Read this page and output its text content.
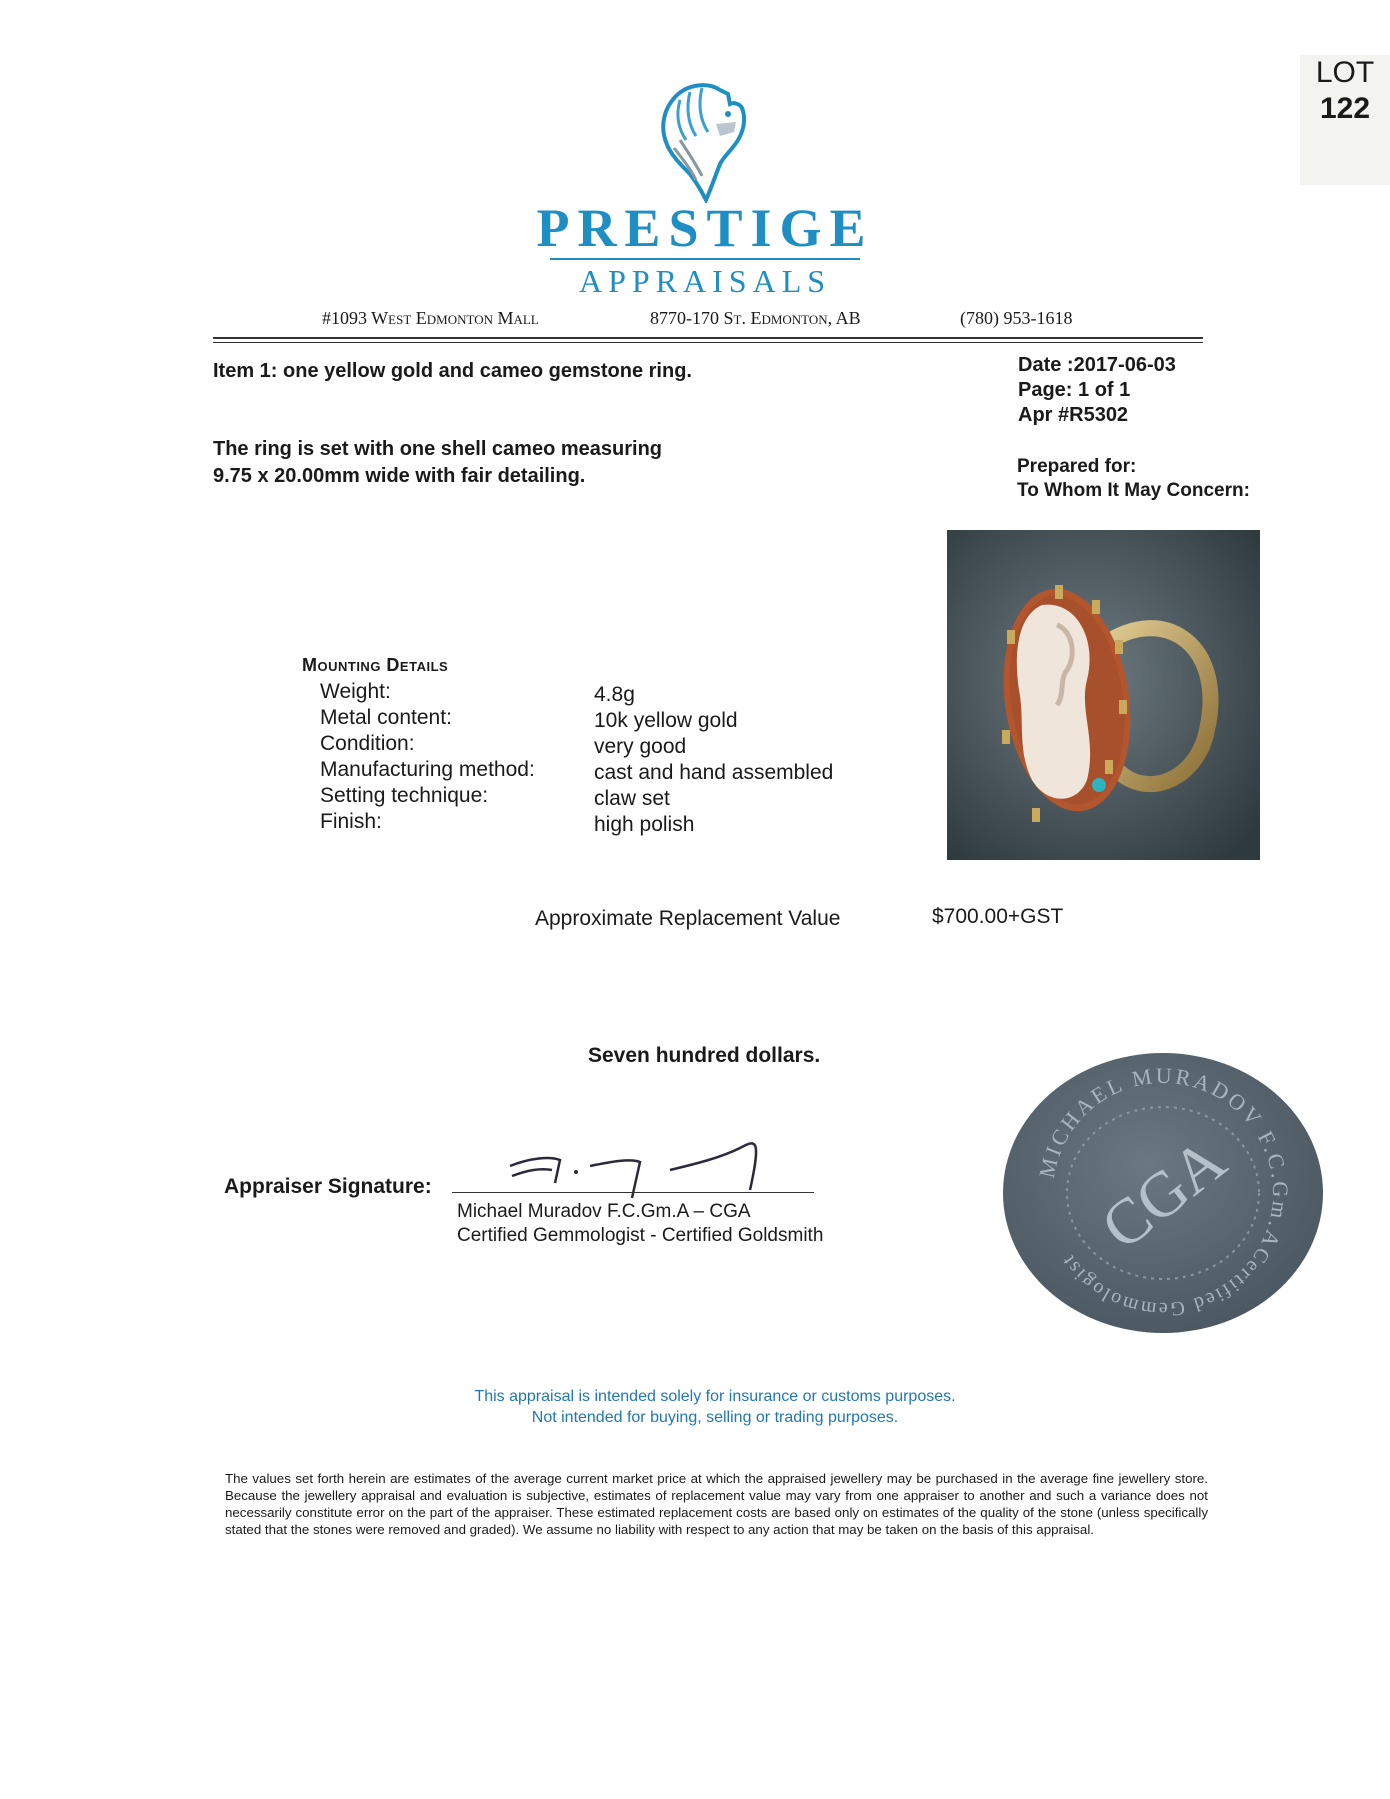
LOT
122
PRESTIGE
APPRAISALS
#1093 West Edmonton Mall	8770-170 St. Edmonton, AB	(780) 953-1618
Item 1: one yellow gold and cameo gemstone ring.
The ring is set with one shell cameo measuring
9.75 x 20.00mm wide with fair detailing.
Date :2017-06-03
Page: 1 of 1
Apr #R5302
Prepared for:
To Whom It May Concern:
Mounting Details
Weight:	4.8g
Metal content:	10k yellow gold
Condition:	very good
Manufacturing method:	cast and hand assembled
Setting technique:	claw set
Finish:	high polish
Approximate Replacement Value	$700.00+GST
Seven hundred dollars.
Appraiser Signature:
Michael Muradov F.C.Gm.A – CGA
Certified Gemmologist - Certified Goldsmith
MICHAEL MURADOV F.C.Gm.A
Certified Gemmologist CGA
This appraisal is intended solely for insurance or customs purposes.
Not intended for buying, selling or trading purposes.
The values set forth herein are estimates of the average current market price at which the appraised jewellery may be purchased in the average fine jewellery store. Because the jewellery appraisal and evaluation is subjective, estimates of replacement value may vary from one appraiser to another and such a variance does not necessarily constitute error on the part of the appraiser. These estimated replacement costs are based only on estimates of the quality of the stone (unless specifically stated that the stones were removed and graded). We assume no liability with respect to any action that may be taken on the basis of this appraisal.
